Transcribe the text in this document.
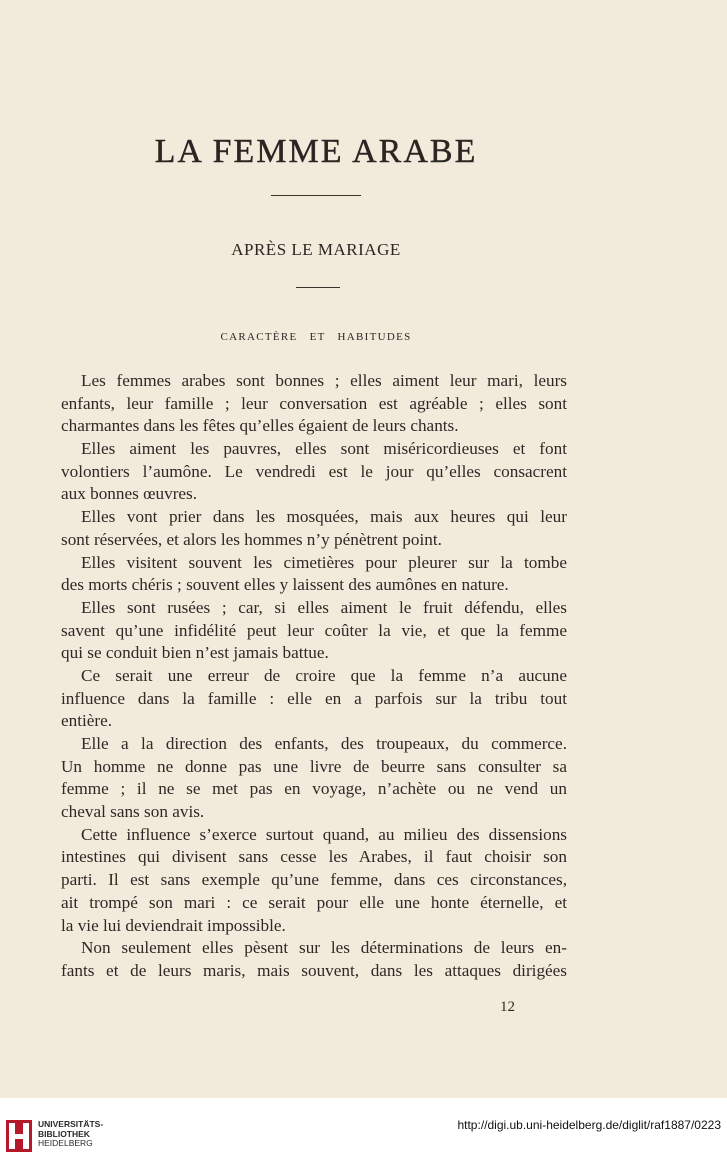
LA FEMME ARABE
APRÈS LE MARIAGE
CARACTÈRE ET HABITUDES
Les femmes arabes sont bonnes ; elles aiment leur mari, leurs
enfants, leur famille ; leur conversation est agréable ; elles sont
charmantes dans les fêtes qu’elles égaient de leurs chants.
Elles aiment les pauvres, elles sont miséricordieuses et font
volontiers l’aumône. Le vendredi est le jour qu’elles consacrent
aux bonnes œuvres.
Elles vont prier dans les mosquées, mais aux heures qui leur
sont réservées, et alors les hommes n’y pénètrent point.
Elles visitent souvent les cimetières pour pleurer sur la tombe
des morts chéris ; souvent elles y laissent des aumônes en nature.
Elles sont rusées ; car, si elles aiment le fruit défendu, elles
savent qu’une infidélité peut leur coûter la vie, et que la femme
qui se conduit bien n’est jamais battue.
Ce serait une erreur de croire que la femme n’a aucune
influence dans la famille : elle en a parfois sur la tribu tout
entière.
Elle a la direction des enfants, des troupeaux, du commerce.
Un homme ne donne pas une livre de beurre sans consulter sa
femme ; il ne se met pas en voyage, n’achète ou ne vend un
cheval sans son avis.
Cette influence s’exerce surtout quand, au milieu des dissensions
intestines qui divisent sans cesse les Arabes, il faut choisir son
parti. Il est sans exemple qu’une femme, dans ces circonstances,
ait trompé son mari : ce serait pour elle une honte éternelle, et
la vie lui deviendrait impossible.
Non seulement elles pèsent sur les déterminations de leurs en-
fants et de leurs maris, mais souvent, dans les attaques dirigées
12
UNIVERSITÄTS-
BIBLIOTHEK
HEIDELBERG
http://digi.ub.uni-heidelberg.de/diglit/raf1887/0223
